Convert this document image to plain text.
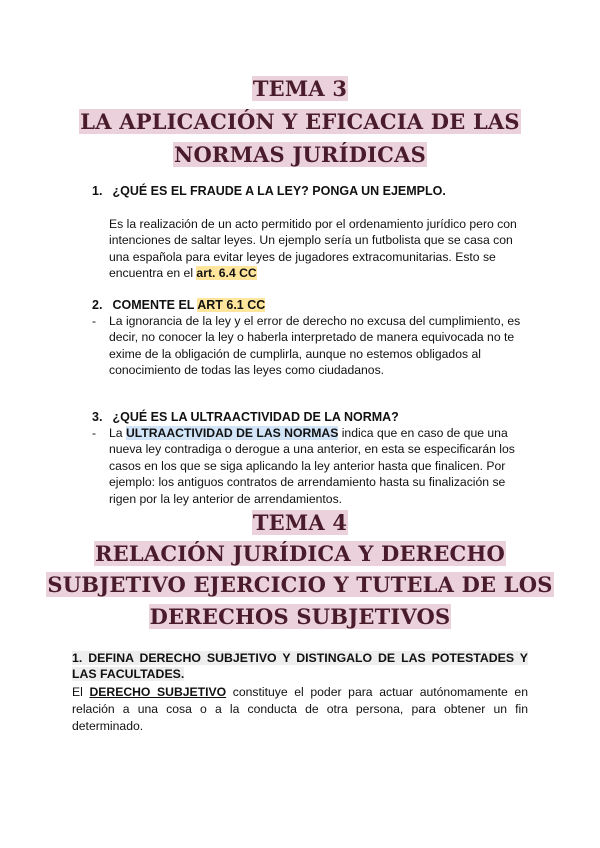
TEMA 3
LA APLICACIÓN Y EFICACIA DE LAS
NORMAS JURÍDICAS
1. ¿QUÉ ES EL FRAUDE A LA LEY? PONGA UN EJEMPLO.
Es la realización de un acto permitido por el ordenamiento jurídico pero con intenciones de saltar leyes. Un ejemplo sería un futbolista que se casa con una española para evitar leyes de jugadores extracomunitarias. Esto se encuentra en el art. 6.4 CC
2. COMENTE EL ART 6.1 CC
- La ignorancia de la ley y el error de derecho no excusa del cumplimiento, es decir, no conocer la ley o haberla interpretado de manera equivocada no te exime de la obligación de cumplirla, aunque no estemos obligados al conocimiento de todas las leyes como ciudadanos.
3. ¿QUÉ ES LA ULTRAACTIVIDAD DE LA NORMA?
- La ULTRAACTIVIDAD DE LAS NORMAS indica que en caso de que una nueva ley contradiga o derogue a una anterior, en esta se especificarán los casos en los que se siga aplicando la ley anterior hasta que finalicen. Por ejemplo: los antiguos contratos de arrendamiento hasta su finalización se rigen por la ley anterior de arrendamientos.
TEMA 4
RELACIÓN JURÍDICA Y DERECHO
SUBJETIVO EJERCICIO Y TUTELA DE LOS
DERECHOS SUBJETIVOS
1. DEFINA DERECHO SUBJETIVO Y DISTINGALO DE LAS POTESTADES Y LAS FACULTADES.
El DERECHO SUBJETIVO constituye el poder para actuar autónomamente en relación a una cosa o a la conducta de otra persona, para obtener un fin determinado.
